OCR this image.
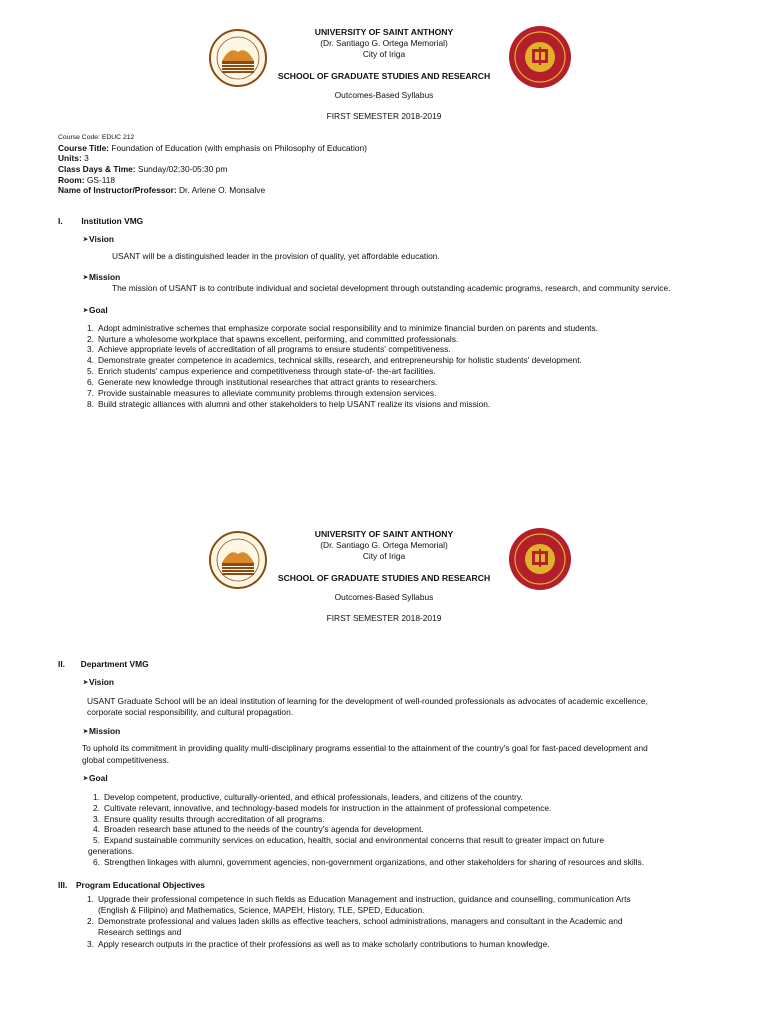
UNIVERSITY OF SAINT ANTHONY
(Dr. Santiago G. Ortega Memorial)
City of Iriga
SCHOOL OF GRADUATE STUDIES AND RESEARCH
Outcomes-Based Syllabus
FIRST SEMESTER 2018-2019
Course Code: EDUC 212
Course Title: Foundation of Education (with emphasis on Philosophy of Education)
Units: 3
Class Days & Time: Sunday/02:30-05:30 pm
Room: GS-118
Name of Instructor/Professor: Dr. Arlene O. Monsalve
I. Institution VMG
➤Vision
USANT will be a distinguished leader in the provision of quality, yet affordable education.
➤Mission
The mission of USANT is to contribute individual and societal development through outstanding academic programs, research, and community service.
➤Goal
1. Adopt administrative schemes that emphasize corporate social responsibility and to minimize financial burden on parents and students.
2. Nurture a wholesome workplace that spawns excellent, performing, and committed professionals.
3. Achieve appropriate levels of accreditation of all programs to ensure students' competitiveness.
4. Demonstrate greater competence in academics, technical skills, research, and entrepreneurship for holistic students' development.
5. Enrich students' campus experience and competitiveness through state-of- the-art facilities.
6. Generate new knowledge through institutional researches that attract grants to researchers.
7. Provide sustainable measures to alleviate community problems through extension services.
8. Build strategic alliances with alumni and other stakeholders to help USANT realize its visions and mission.
UNIVERSITY OF SAINT ANTHONY
(Dr. Santiago G. Ortega Memorial)
City of Iriga
SCHOOL OF GRADUATE STUDIES AND RESEARCH
Outcomes-Based Syllabus
FIRST SEMESTER 2018-2019
II. Department VMG
➤Vision
USANT Graduate School will be an ideal institution of learning for the development of well-rounded professionals as advocates of academic excellence,
corporate social responsibility, and cultural propagation.
➤Mission
To uphold its commitment in providing quality multi-disciplinary programs essential to the attainment of the country's goal for fast-paced development and
global competitiveness.
➤Goal
1. Develop competent, productive, culturally-oriented, and ethical professionals, leaders, and citizens of the country.
2. Cultivate relevant, innovative, and technology-based models for instruction in the attainment of professional competence.
3. Ensure quality results through accreditation of all programs.
4. Broaden research base attuned to the needs of the country's agenda for development.
5. Expand sustainable community services on education, health, social and environmental concerns that result to greater impact on future
generations.
6. Strengthen linkages with alumni, government agencies, non-government organizations, and other stakeholders for sharing of resources and skills.
III. Program Educational Objectives
1. Upgrade their professional competence in such fields as Education Management and instruction, guidance and counselling, communication Arts
(English & Filipino) and Mathematics, Science, MAPEH, History, TLE, SPED, Education.
2. Demonstrate professional and values laden skills as effective teachers, school administrations, managers and consultant in the Academic and
Research settings and
3. Apply research outputs in the practice of their professions as well as to make scholarly contributions to human knowledge.
